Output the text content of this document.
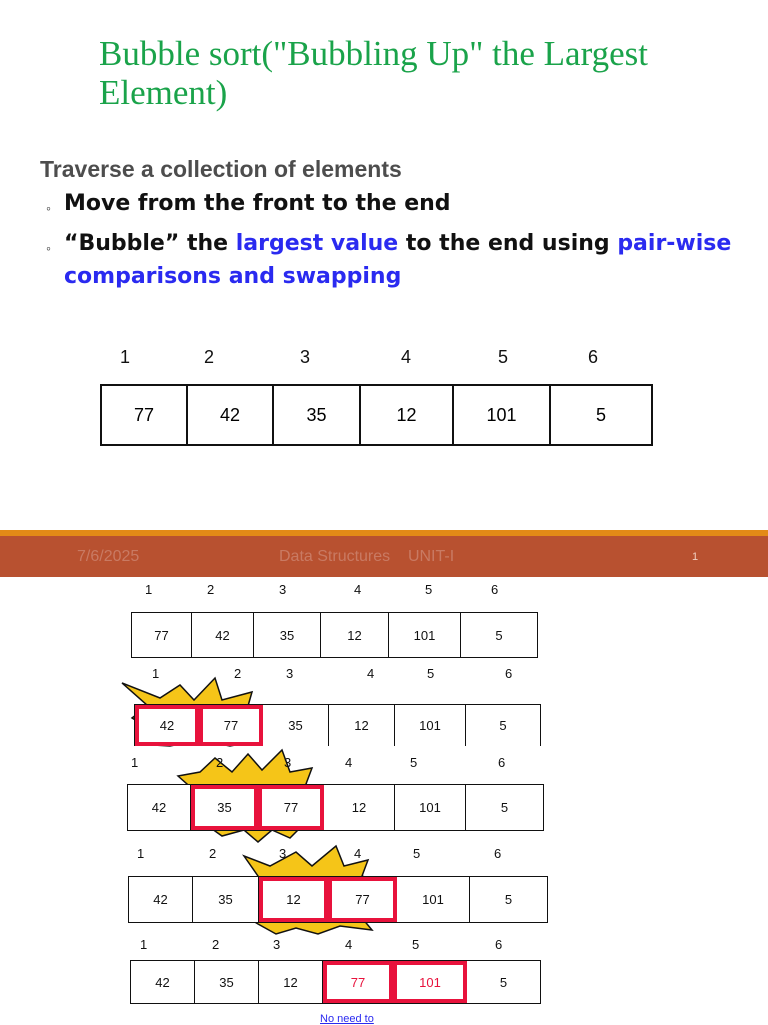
Bubble sort("Bubbling Up" the Largest Element)
Traverse a collection of elements
◦ Move from the front to the end
◦ “Bubble” the largest value to the end using pair-wise
comparisons and swapping
1	2	3	4	5	6
77	42	35	12	101	5
7/6/2025	Data Structures    UNIT-I	1
1	2	3	4	5	6
77	42	35	12	101	5
1	2	3	4	5	6
42	77	35	12	101	5
1	2	3	4	5	6
42	35	77	12	101	5
1	2	3	4	5	6
42	35	12	77	101	5
1	2	3	4	5	6
42	35	12	77	101	5
No need to
